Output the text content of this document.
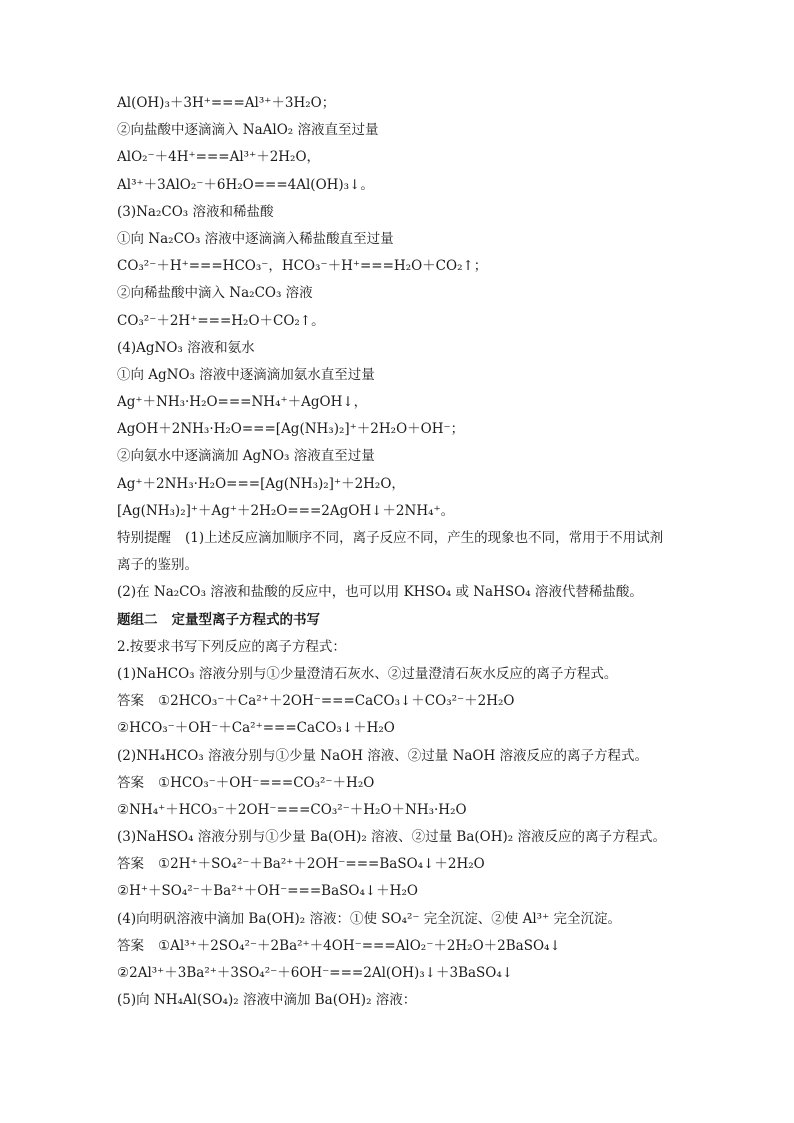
Al(OH)₃＋3H⁺===Al³⁺＋3H₂O；
②向盐酸中逐滴滴入 NaAlO₂ 溶液直至过量
AlO₂⁻＋4H⁺===Al³⁺＋2H₂O，
Al³⁺＋3AlO₂⁻＋6H₂O===4Al(OH)₃↓。
(3)Na₂CO₃ 溶液和稀盐酸
①向 Na₂CO₃ 溶液中逐滴滴入稀盐酸直至过量
CO₃²⁻＋H⁺===HCO₃⁻，HCO₃⁻＋H⁺===H₂O＋CO₂↑；
②向稀盐酸中滴入 Na₂CO₃ 溶液
CO₃²⁻＋2H⁺===H₂O＋CO₂↑。
(4)AgNO₃ 溶液和氨水
①向 AgNO₃ 溶液中逐滴滴加氨水直至过量
Ag⁺＋NH₃·H₂O===NH₄⁺＋AgOH↓，
AgOH＋2NH₃·H₂O===[Ag(NH₃)₂]⁺＋2H₂O＋OH⁻；
②向氨水中逐滴滴加 AgNO₃ 溶液直至过量
Ag⁺＋2NH₃·H₂O===[Ag(NH₃)₂]⁺＋2H₂O，
[Ag(NH₃)₂]⁺＋Ag⁺＋2H₂O===2AgOH↓＋2NH₄⁺。
特别提醒 (1)上述反应滴加顺序不同，离子反应不同，产生的现象也不同，常用于不用试剂
离子的鉴别。
(2)在 Na₂CO₃ 溶液和盐酸的反应中，也可以用 KHSO₄ 或 NaHSO₄ 溶液代替稀盐酸。
题组二 定量型离子方程式的书写
2.按要求书写下列反应的离子方程式：
(1)NaHCO₃ 溶液分别与①少量澄清石灰水、②过量澄清石灰水反应的离子方程式。
答案 ①2HCO₃⁻＋Ca²⁺＋2OH⁻===CaCO₃↓＋CO₃²⁻＋2H₂O
②HCO₃⁻＋OH⁻＋Ca²⁺===CaCO₃↓＋H₂O
(2)NH₄HCO₃ 溶液分别与①少量 NaOH 溶液、②过量 NaOH 溶液反应的离子方程式。
答案 ①HCO₃⁻＋OH⁻===CO₃²⁻＋H₂O
②NH₄⁺＋HCO₃⁻＋2OH⁻===CO₃²⁻＋H₂O＋NH₃·H₂O
(3)NaHSO₄ 溶液分别与①少量 Ba(OH)₂ 溶液、②过量 Ba(OH)₂ 溶液反应的离子方程式。
答案 ①2H⁺＋SO₄²⁻＋Ba²⁺＋2OH⁻===BaSO₄↓＋2H₂O
②H⁺＋SO₄²⁻＋Ba²⁺＋OH⁻===BaSO₄↓＋H₂O
(4)向明矾溶液中滴加 Ba(OH)₂ 溶液：①使 SO₄²⁻ 完全沉淀、②使 Al³⁺ 完全沉淀。
答案 ①Al³⁺＋2SO₄²⁻＋2Ba²⁺＋4OH⁻===AlO₂⁻＋2H₂O＋2BaSO₄↓
②2Al³⁺＋3Ba²⁺＋3SO₄²⁻＋6OH⁻===2Al(OH)₃↓＋3BaSO₄↓
(5)向 NH₄Al(SO₄)₂ 溶液中滴加 Ba(OH)₂ 溶液：
